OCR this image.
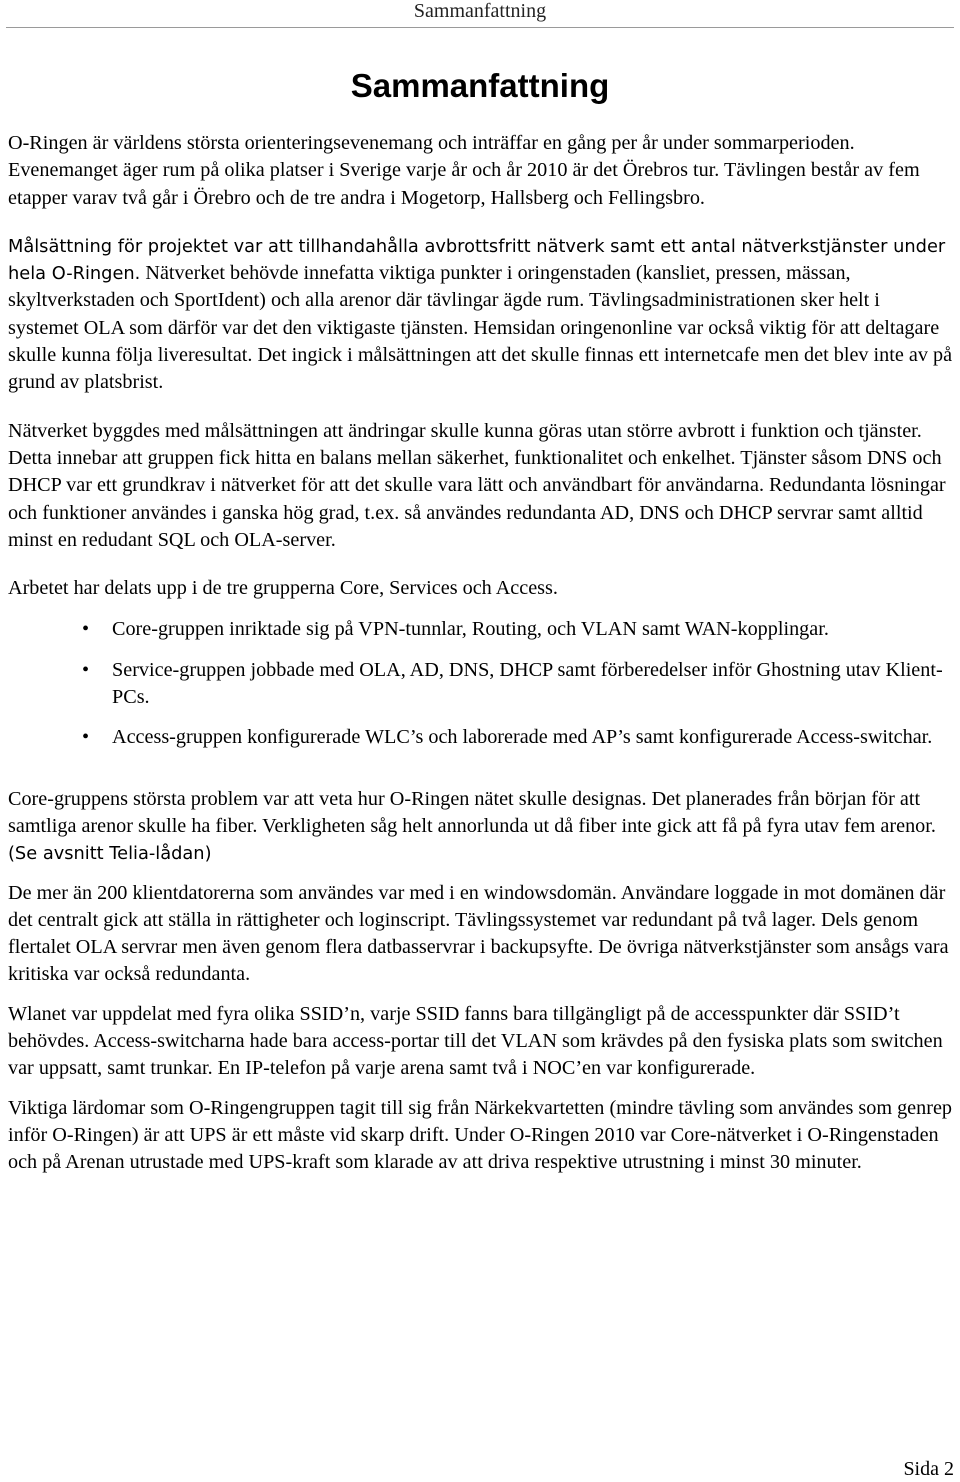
Sammanfattning
Sammanfattning

O-Ringen är världens största orienteringsevenemang och inträffar en gång per år under sommarperioden. Evenemanget äger rum på olika platser i Sverige varje år och år 2010 är det Örebros tur. Tävlingen består av fem etapper varav två går i Örebro och de tre andra i Mogetorp, Hallsberg och Fellingsbro.

Målsättning för projektet var att tillhandahålla avbrottsfritt nätverk samt ett antal nätverkstjänster under hela O-Ringen. Nätverket behövde innefatta viktiga punkter i oringenstaden (kansliet, pressen, mässan, skyltverkstaden och SportIdent) och alla arenor där tävlingar ägde rum. Tävlingsadministrationen sker helt i systemet OLA som därför var det den viktigaste tjänsten. Hemsidan oringenonline var också viktig för att deltagare skulle kunna följa liveresultat. Det ingick i målsättningen att det skulle finnas ett internetcafe men det blev inte av på grund av platsbrist.

Nätverket byggdes med målsättningen att ändringar skulle kunna göras utan större avbrott i funktion och tjänster. Detta innebar att gruppen fick hitta en balans mellan säkerhet, funktionalitet och enkelhet. Tjänster såsom DNS och DHCP var ett grundkrav i nätverket för att det skulle vara lätt och användbart för användarna. Redundanta lösningar och funktioner användes i ganska hög grad, t.ex. så användes redundanta AD, DNS och DHCP servrar samt alltid minst en redudant SQL och OLA-server.

Arbetet har delats upp i de tre grupperna Core, Services och Access.

• Core-gruppen inriktade sig på VPN-tunnlar, Routing, och VLAN samt WAN-kopplingar.
• Service-gruppen jobbade med OLA, AD, DNS, DHCP samt förberedelser inför Ghostning utav Klient-PCs.
• Access-gruppen konfigurerade WLC’s och laborerade med AP’s samt konfigurerade Access-switchar.

Core-gruppens största problem var att veta hur O-Ringen nätet skulle designas. Det planerades från början för att samtliga arenor skulle ha fiber. Verkligheten såg helt annorlunda ut då fiber inte gick att få på fyra utav fem arenor. (Se avsnitt Telia-lådan)

De mer än 200 klientdatorerna som användes var med i en windowsdomän. Användare loggade in mot domänen där det centralt gick att ställa in rättigheter och loginscript. Tävlingssystemet var redundant på två lager. Dels genom flertalet OLA servrar men även genom flera datbasservrar i backupsyfte. De övriga nätverkstjänster som ansågs vara kritiska var också redundanta.

Wlanet var uppdelat med fyra olika SSID’n, varje SSID fanns bara tillgängligt på de accesspunkter där SSID’t behövdes. Access-switcharna hade bara access-portar till det VLAN som krävdes på den fysiska plats som switchen var uppsatt, samt trunkar. En IP-telefon på varje arena samt två i NOC’en var konfigurerade.

Viktiga lärdomar som O-Ringengruppen tagit till sig från Närkekvartetten (mindre tävling som användes som genrep inför O-Ringen) är att UPS är ett måste vid skarp drift. Under O-Ringen 2010 var Core-nätverket i O-Ringenstaden och på Arenan utrustade med UPS-kraft som klarade av att driva respektive utrustning i minst 30 minuter.

Sida 2
